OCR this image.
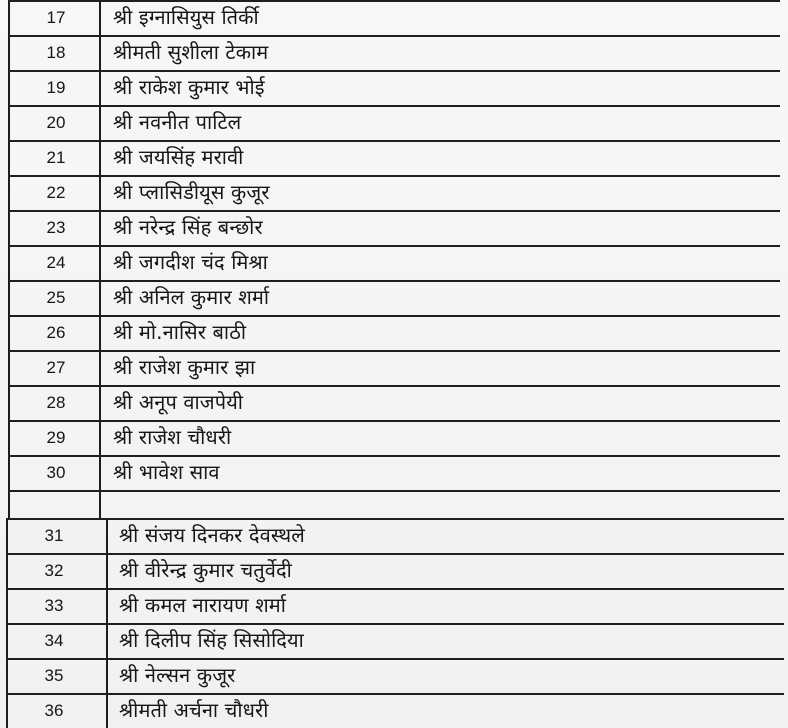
17	श्री इग्नासियुस तिर्की
18	श्रीमती सुशीला टेकाम
19	श्री राकेश कुमार भोई
20	श्री नवनीत पाटिल
21	श्री जयसिंह मरावी
22	श्री प्लासिडीयूस कुजूर
23	श्री नरेन्द्र सिंह बन्छोर
24	श्री जगदीश चंद मिश्रा
25	श्री अनिल कुमार शर्मा
26	श्री मो.नासिर बाठी
27	श्री राजेश कुमार झा
28	श्री अनूप वाजपेयी
29	श्री राजेश चौधरी
30	श्री भावेश साव
31	श्री संजय दिनकर देवस्थले
32	श्री वीरेन्द्र कुमार चतुर्वेदी
33	श्री कमल नारायण शर्मा
34	श्री दिलीप सिंह सिसोदिया
35	श्री नेल्सन कुजूर
36	श्रीमती अर्चना चौधरी
